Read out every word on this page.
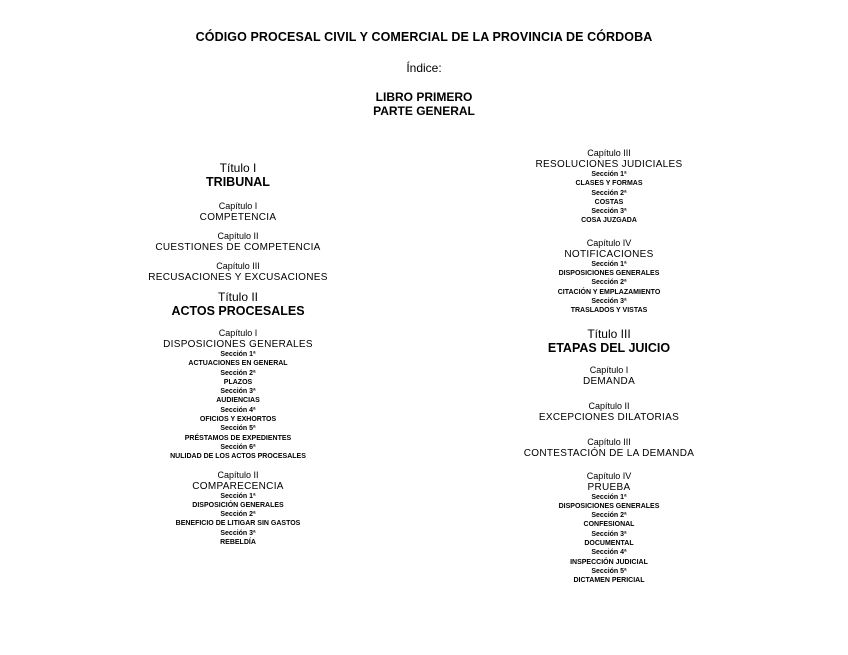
CÓDIGO PROCESAL CIVIL Y COMERCIAL DE LA PROVINCIA DE CÓRDOBA
Índice:
LIBRO PRIMERO
PARTE GENERAL
Título I
TRIBUNAL
Capítulo I
COMPETENCIA
Capítulo II
CUESTIONES DE COMPETENCIA
Capítulo III
RECUSACIONES Y EXCUSACIONES
Título II
ACTOS PROCESALES
Capítulo I
DISPOSICIONES GENERALES
Sección 1ª
ACTUACIONES EN GENERAL
Sección 2ª
PLAZOS
Sección 3ª
AUDIENCIAS
Sección 4ª
OFICIOS Y EXHORTOS
Sección 5ª
PRÉSTAMOS DE EXPEDIENTES
Sección 6ª
NULIDAD DE LOS ACTOS PROCESALES
Capítulo II
COMPARECENCIA
Sección 1ª
DISPOSICIÓN GENERALES
Sección 2ª
BENEFICIO DE LITIGAR SIN GASTOS
Sección 3ª
REBELDÍA
Capítulo III
RESOLUCIONES JUDICIALES
Sección 1ª
CLASES Y FORMAS
Sección 2ª
COSTAS
Sección 3ª
COSA JUZGADA
Capítulo IV
NOTIFICACIONES
Sección 1ª
DISPOSICIONES GENERALES
Sección 2ª
CITACIÓN Y EMPLAZAMIENTO
Sección 3ª
TRASLADOS Y VISTAS
Título III
ETAPAS DEL JUICIO
Capítulo I
DEMANDA
Capítulo II
EXCEPCIONES DILATORIAS
Capítulo III
CONTESTACIÓN DE LA DEMANDA
Capítulo IV
PRUEBA
Sección 1ª
DISPOSICIONES GENERALES
Sección 2ª
CONFESIONAL
Sección 3ª
DOCUMENTAL
Sección 4ª
INSPECCIÓN JUDICIAL
Sección 5ª
DICTAMEN PERICIAL
